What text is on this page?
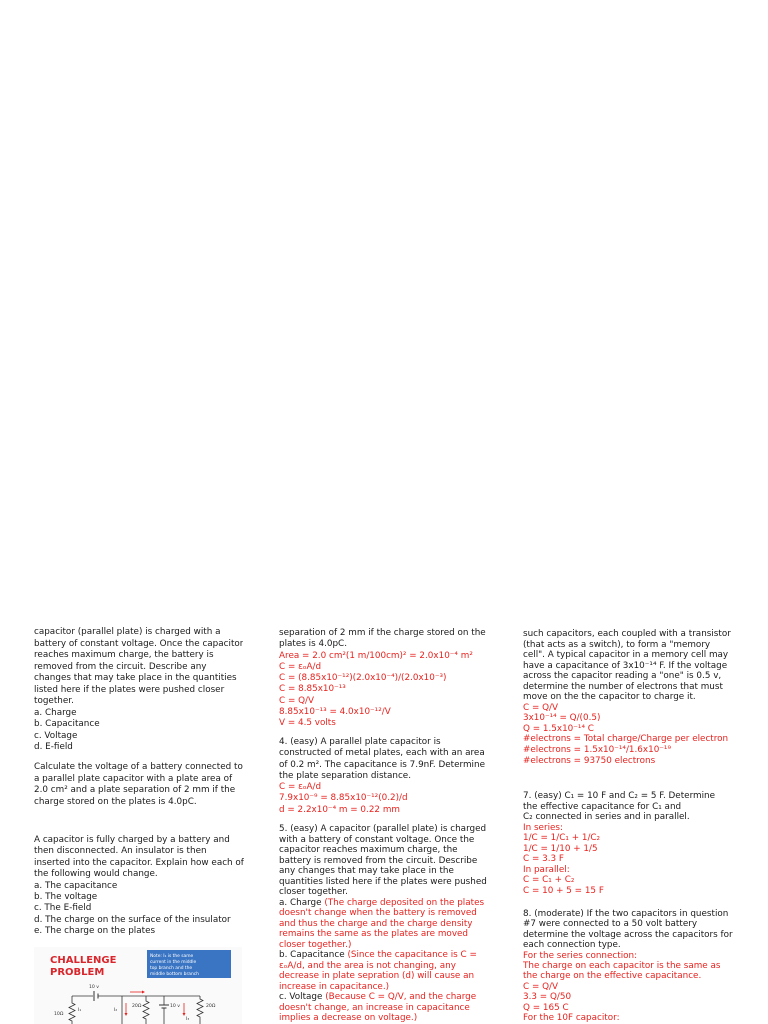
capacitor (parallel plate) is charged with a
battery of constant voltage. Once the capacitor
reaches maximum charge, the battery is
removed from the circuit. Describe any
changes that may take place in the quantities
listed here if the plates were pushed closer
together.
a. Charge
b. Capacitance
c. Voltage
d. E-field
Calculate the voltage of a battery connected to
a parallel plate capacitor with a plate area of
2.0 cm² and a plate separation of 2 mm if the
charge stored on the plates is 4.0pC.
A capacitor is fully charged by a battery and
then disconnected. An insulator is then
inserted into the capacitor. Explain how each of
the following would change.
a. The capacitance
b. The voltage
c. The E-field
d. The charge on the surface of the insulator
e. The charge on the plates
CHALLENGE
PROBLEM
Note: I₁ is the same
current in the middle
top branch and the
middle bottom branch
10 v
10Ω
I₁	I₂
20Ω	10 v
I₃
20Ω
separation of 2 mm if the charge stored on the
plates is 4.0pC.
Area = 2.0 cm²(1 m/100cm)² = 2.0x10⁻⁴ m²
C = εₒA/d
C = (8.85x10⁻¹²)(2.0x10⁻⁴)/(2.0x10⁻³)
C = 8.85x10⁻¹³
C = Q/V
8.85x10⁻¹³ = 4.0x10⁻¹²/V
V = 4.5 volts
4. (easy) A parallel plate capacitor is
constructed of metal plates, each with an area
of 0.2 m². The capacitance is 7.9nF. Determine
the plate separation distance.
C = εₒA/d
7.9x10⁻⁹ = 8.85x10⁻¹²(0.2)/d
d = 2.2x10⁻⁴ m = 0.22 mm
5. (easy) A capacitor (parallel plate) is charged
with a battery of constant voltage. Once the
capacitor reaches maximum charge, the
battery is removed from the circuit. Describe
any changes that may take place in the
quantities listed here if the plates were pushed
closer together.
a. Charge (The charge deposited on the plates
doesn't change when the battery is removed
and thus the charge and the charge density
remains the same as the plates are moved
closer together.)
b. Capacitance (Since the capacitance is C =
εₒA/d, and the area is not changing, any
decrease in plate sepration (d) will cause an
increase in capacitance.)
c. Voltage (Because C = Q/V, and the charge
doesn't change, an increase in capacitance
implies a decrease on voltage.)
such capacitors, each coupled with a transistor
(that acts as a switch), to form a "memory
cell". A typical capacitor in a memory cell may
have a capacitance of 3x10⁻¹⁴ F. If the voltage
across the capacitor reading a "one" is 0.5 v,
determine the number of electrons that must
move on the the capacitor to charge it.
C = Q/V
3x10⁻¹⁴ = Q/(0.5)
Q = 1.5x10⁻¹⁴ C
#electrons = Total charge/Charge per electron
#electrons = 1.5x10⁻¹⁴/1.6x10⁻¹⁹
#electrons = 93750 electrons
7. (easy) C₁ = 10 F and C₂ = 5 F. Determine
the effective capacitance for C₁ and
C₂ connected in series and in parallel.
In series:
1/C = 1/C₁ + 1/C₂
1/C = 1/10 + 1/5
C = 3.3 F
In parallel:
C = C₁ + C₂
C = 10 + 5 = 15 F
8. (moderate) If the two capacitors in question
#7 were connected to a 50 volt battery
determine the voltage across the capacitors for
each connection type.
For the series connection:
The charge on each capacitor is the same as
the charge on the effective capacitance.
C = Q/V
3.3 = Q/50
Q = 165 C
For the 10F capacitor:
